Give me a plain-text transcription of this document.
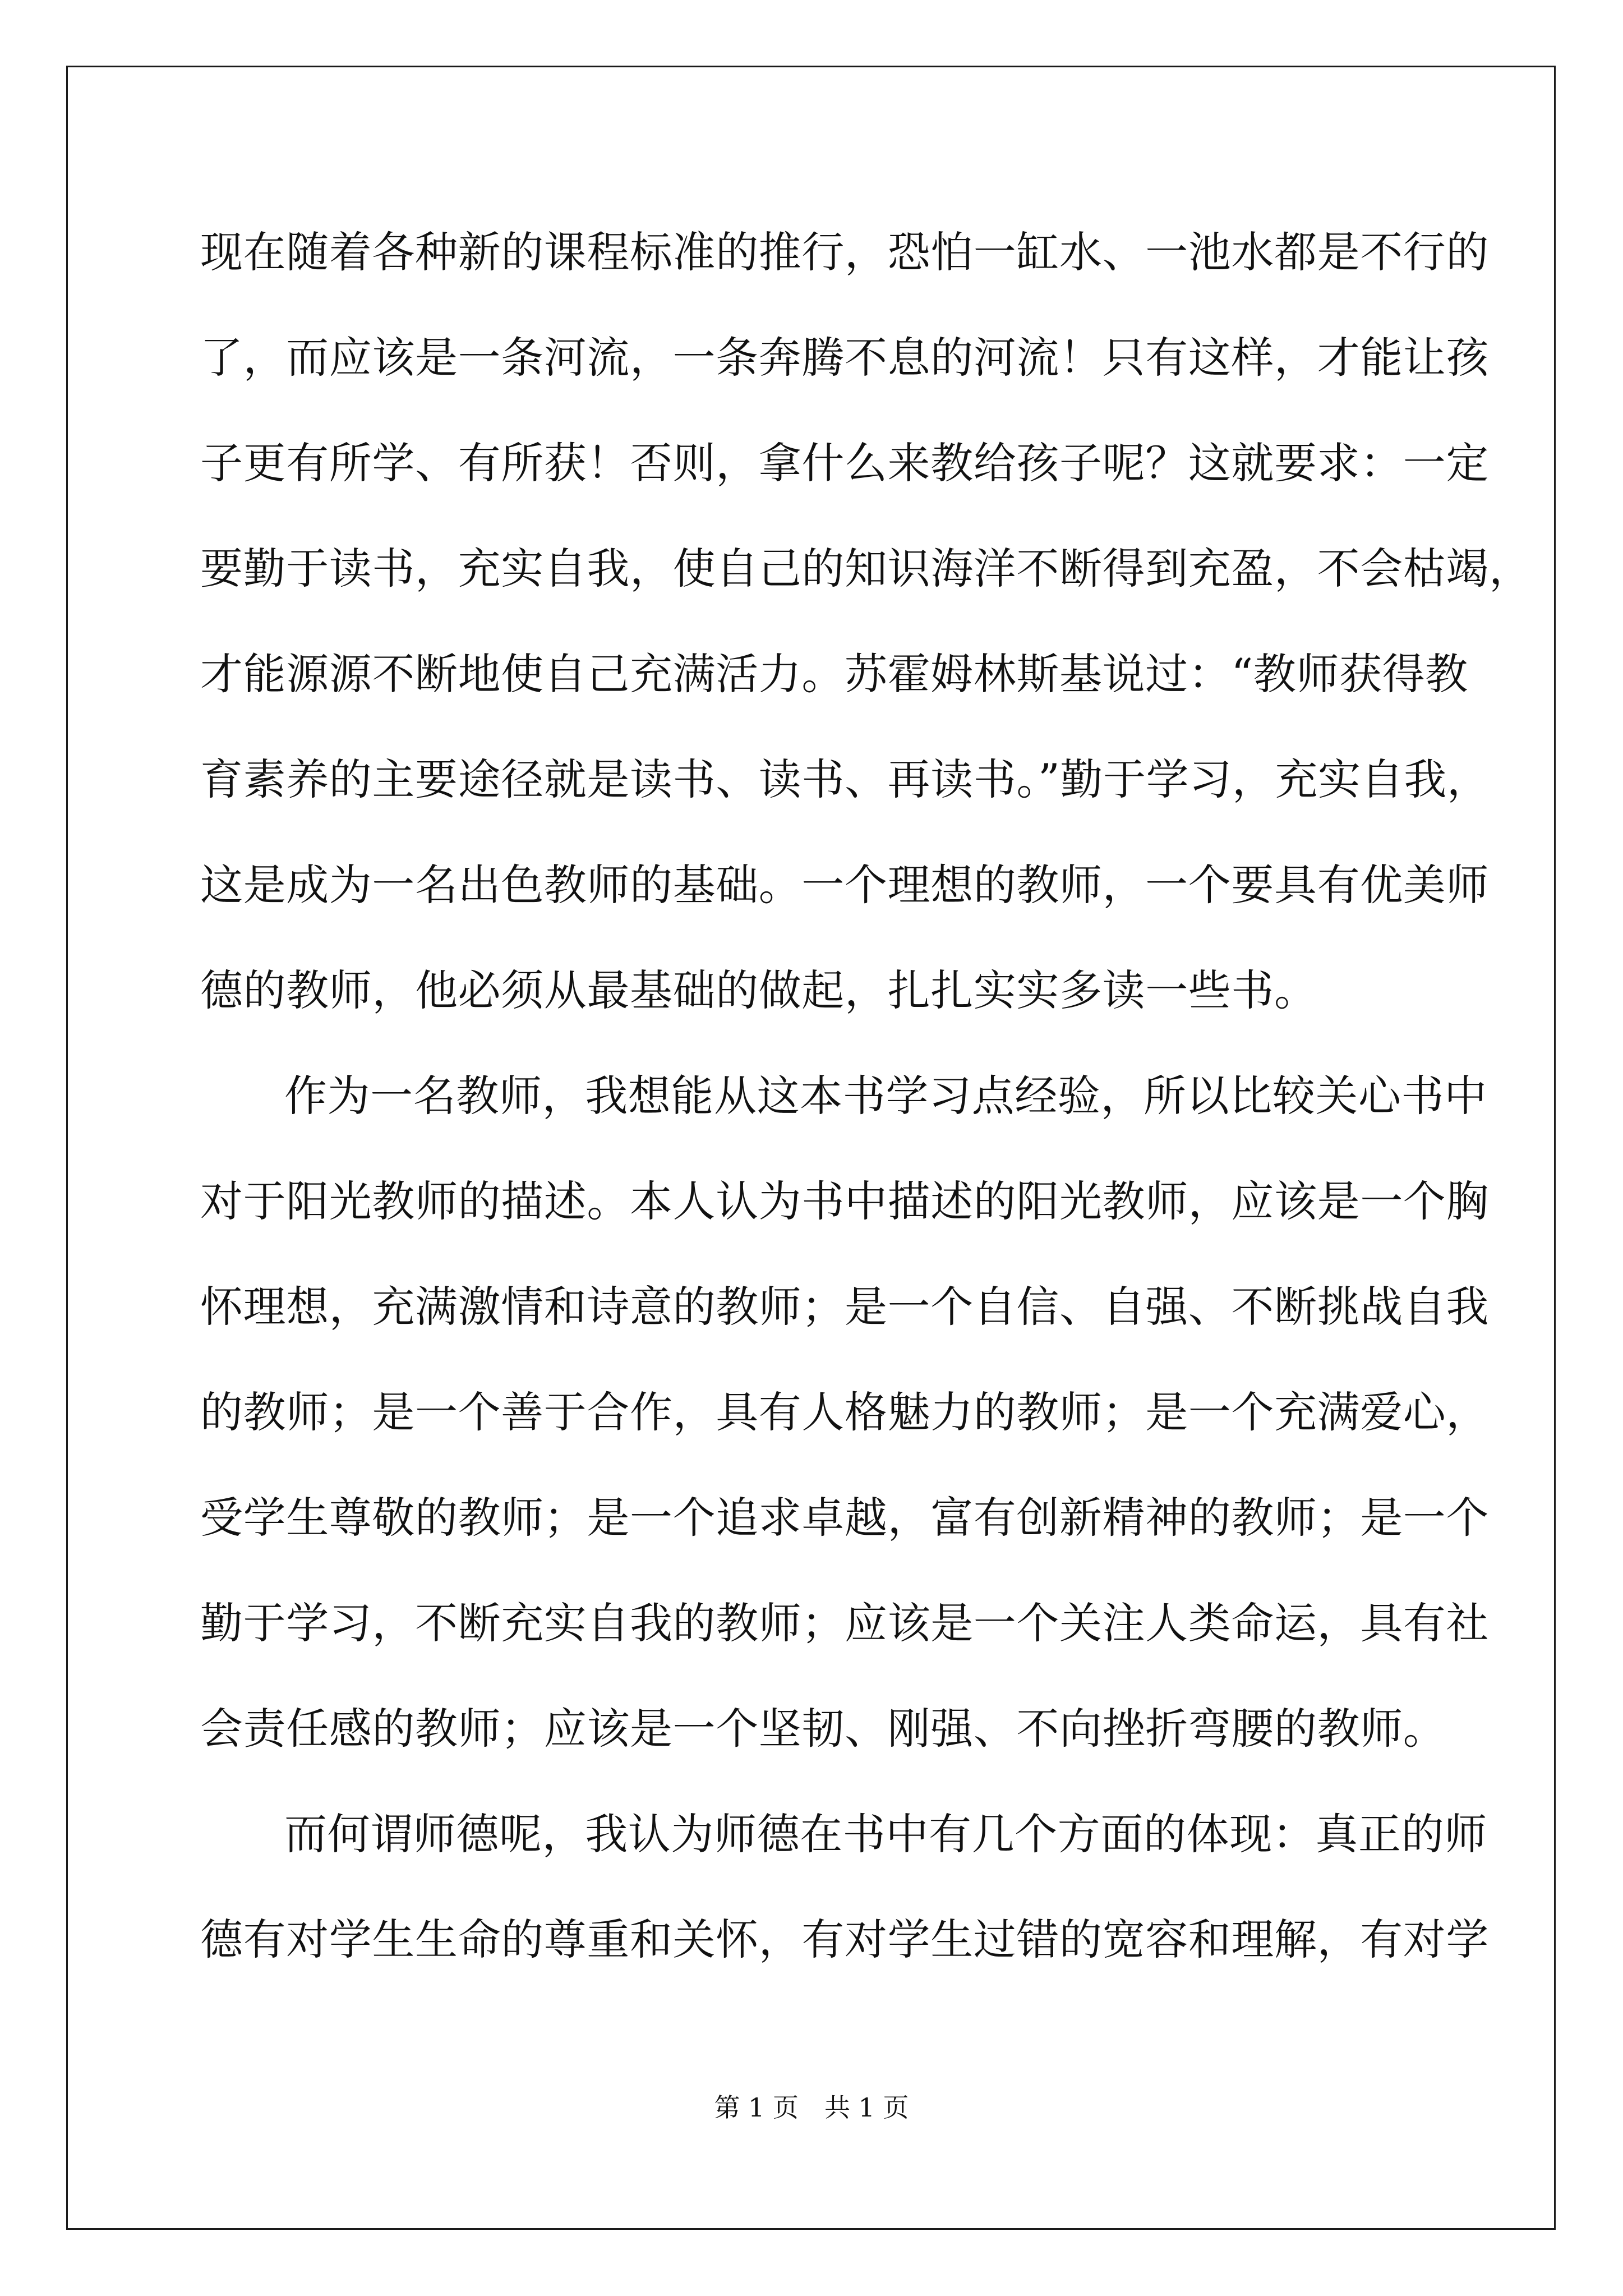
现在随着各种新的课程标准的推行，恐怕一缸水、一池水都是不行的
了，而应该是一条河流，一条奔腾不息的河流！只有这样，才能让孩
子更有所学、有所获！否则，拿什么来教给孩子呢？这就要求：一定
要勤于读书，充实自我，使自己的知识海洋不断得到充盈，不会枯竭，
才能源源不断地使自己充满活力。苏霍姆林斯基说过：“教师获得教
育素养的主要途径就是读书、读书、再读书。”勤于学习，充实自我，
这是成为一名出色教师的基础。一个理想的教师，一个要具有优美师
德的教师，他必须从最基础的做起，扎扎实实多读一些书。
作为一名教师，我想能从这本书学习点经验，所以比较关心书中
对于阳光教师的描述。本人认为书中描述的阳光教师，应该是一个胸
怀理想，充满激情和诗意的教师；是一个自信、自强、不断挑战自我
的教师；是一个善于合作，具有人格魅力的教师；是一个充满爱心，
受学生尊敬的教师；是一个追求卓越，富有创新精神的教师；是一个
勤于学习，不断充实自我的教师；应该是一个关注人类命运，具有社
会责任感的教师；应该是一个坚韧、刚强、不向挫折弯腰的教师。
而何谓师德呢，我认为师德在书中有几个方面的体现：真正的师
德有对学生生命的尊重和关怀，有对学生过错的宽容和理解，有对学
第 1 页　共 1 页
